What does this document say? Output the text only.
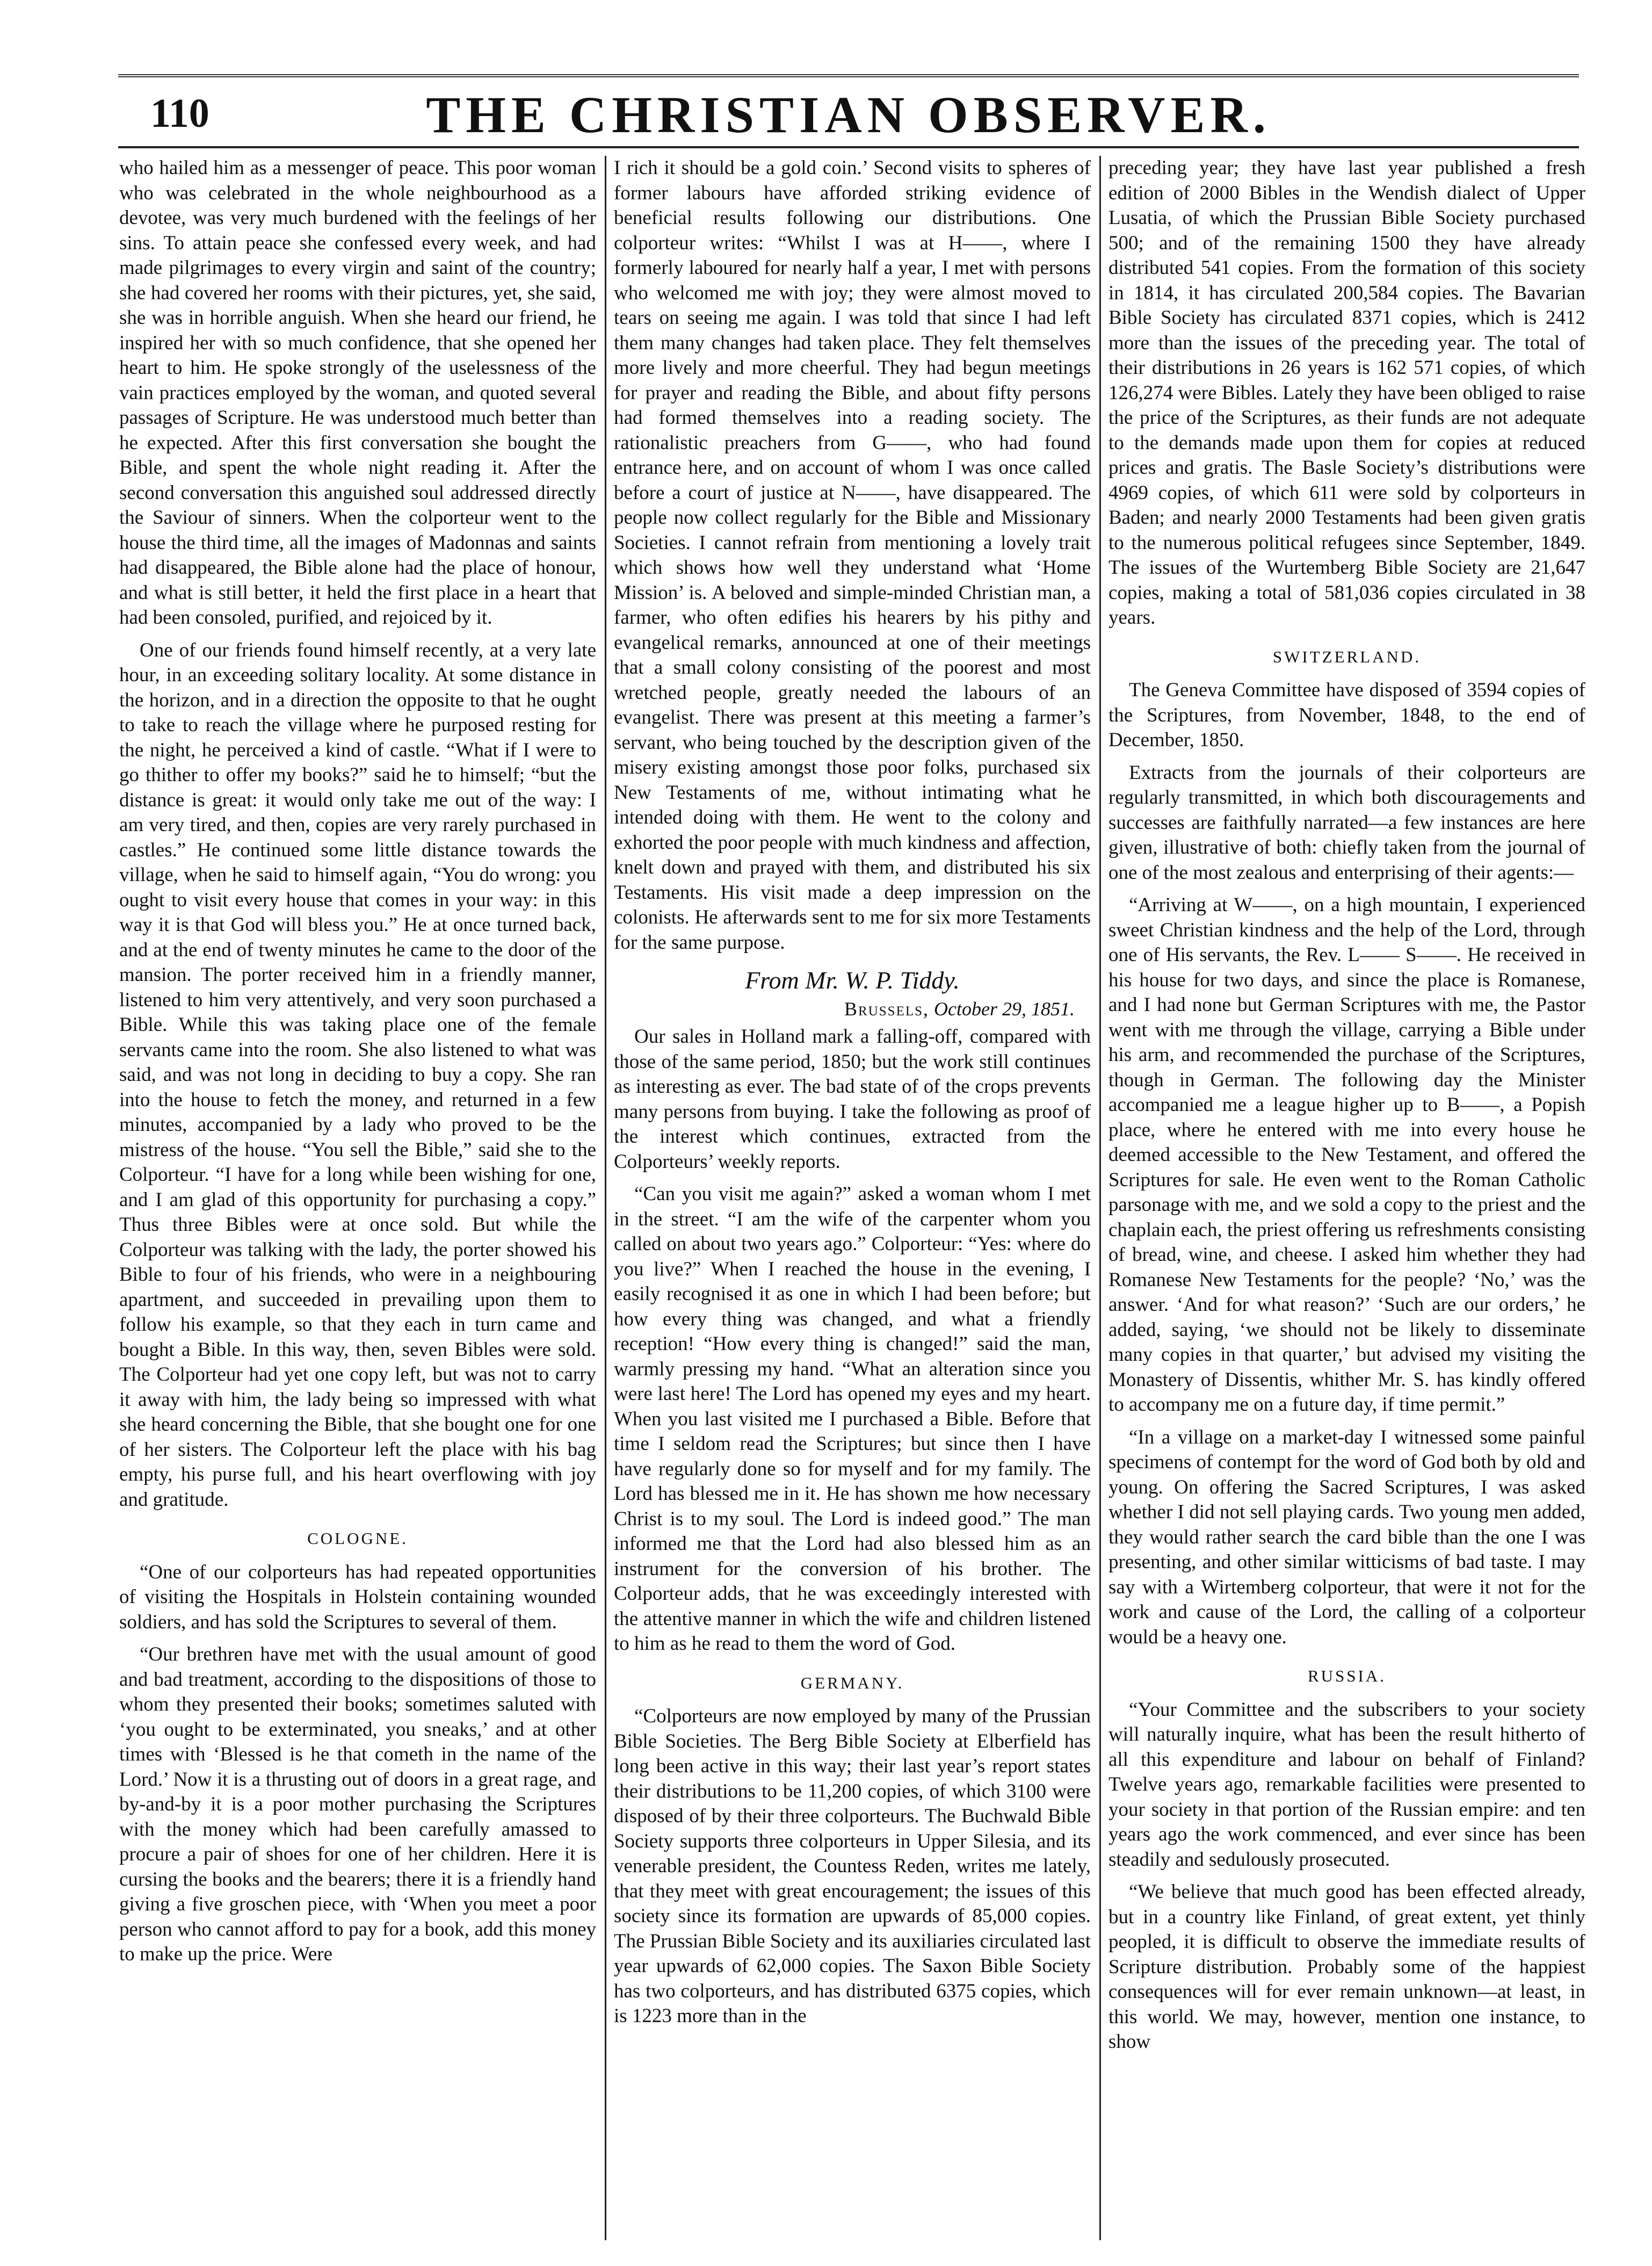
110	THE CHRISTIAN OBSERVER.

who hailed him as a messenger of peace. This poor woman who was celebrated in the whole neighbourhood as a devotee, was very much burdened with the feelings of her sins. To attain peace she confessed every week, and had made pilgrimages to every virgin and saint of the country; she had covered her rooms with their pictures, yet, she said, she was in horrible anguish. When she heard our friend, he inspired her with so much confidence, that she opened her heart to him. He spoke strongly of the uselessness of the vain practices employed by the woman, and quoted several passages of Scripture. He was understood much better than he expected. After this first conversation she bought the Bible, and spent the whole night reading it. After the second conversation this anguished soul addressed directly the Saviour of sinners. When the colporteur went to the house the third time, all the images of Madonnas and saints had disappeared, the Bible alone had the place of honour, and what is still better, it held the first place in a heart that had been consoled, purified, and rejoiced by it.

One of our friends found himself recently, at a very late hour, in an exceeding solitary locality. At some distance in the horizon, and in a direction the opposite to that he ought to take to reach the village where he purposed resting for the night, he perceived a kind of castle. “What if I were to go thither to offer my books?” said he to himself; “but the distance is great: it would only take me out of the way: I am very tired, and then, copies are very rarely purchased in castles.” He continued some little distance towards the village, when he said to himself again, “You do wrong: you ought to visit every house that comes in your way: in this way it is that God will bless you.” He at once turned back, and at the end of twenty minutes he came to the door of the mansion. The porter received him in a friendly manner, listened to him very attentively, and very soon purchased a Bible. While this was taking place one of the female servants came into the room. She also listened to what was said, and was not long in deciding to buy a copy. She ran into the house to fetch the money, and returned in a few minutes, accompanied by a lady who proved to be the mistress of the house. “You sell the Bible,” said she to the Colporteur. “I have for a long while been wishing for one, and I am glad of this opportunity for purchasing a copy.” Thus three Bibles were at once sold. But while the Colporteur was talking with the lady, the porter showed his Bible to four of his friends, who were in a neighbouring apartment, and succeeded in prevailing upon them to follow his example, so that they each in turn came and bought a Bible. In this way, then, seven Bibles were sold. The Colporteur had yet one copy left, but was not to carry it away with him, the lady being so impressed with what she heard concerning the Bible, that she bought one for one of her sisters. The Colporteur left the place with his bag empty, his purse full, and his heart overflowing with joy and gratitude.

COLOGNE.

“One of our colporteurs has had repeated opportunities of visiting the Hospitals in Holstein containing wounded soldiers, and has sold the Scriptures to several of them.

“Our brethren have met with the usual amount of good and bad treatment, according to the dispositions of those to whom they presented their books; sometimes saluted with ‘you ought to be exterminated, you sneaks,’ and at other times with ‘Blessed is he that cometh in the name of the Lord.’ Now it is a thrusting out of doors in a great rage, and by-and-by it is a poor mother purchasing the Scriptures with the money which had been carefully amassed to procure a pair of shoes for one of her children. Here it is cursing the books and the bearers; there it is a friendly hand giving a five groschen piece, with ‘When you meet a poor person who cannot afford to pay for a book, add this money to make up the price. Were

I rich it should be a gold coin.’ Second visits to spheres of former labours have afforded striking evidence of beneficial results following our distributions. One colporteur writes: “Whilst I was at H——, where I formerly laboured for nearly half a year, I met with persons who welcomed me with joy; they were almost moved to tears on seeing me again. I was told that since I had left them many changes had taken place. They felt themselves more lively and more cheerful. They had begun meetings for prayer and reading the Bible, and about fifty persons had formed themselves into a reading society. The rationalistic preachers from G——, who had found entrance here, and on account of whom I was once called before a court of justice at N——, have disappeared. The people now collect regularly for the Bible and Missionary Societies. I cannot refrain from mentioning a lovely trait which shows how well they understand what ‘Home Mission’ is. A beloved and simple-minded Christian man, a farmer, who often edifies his hearers by his pithy and evangelical remarks, announced at one of their meetings that a small colony consisting of the poorest and most wretched people, greatly needed the labours of an evangelist. There was present at this meeting a farmer’s servant, who being touched by the description given of the misery existing amongst those poor folks, purchased six New Testaments of me, without intimating what he intended doing with them. He went to the colony and exhorted the poor people with much kindness and affection, knelt down and prayed with them, and distributed his six Testaments. His visit made a deep impression on the colonists. He afterwards sent to me for six more Testaments for the same purpose.

From Mr. W. P. Tiddy.
Brussels, October 29, 1851.

Our sales in Holland mark a falling-off, compared with those of the same period, 1850; but the work still continues as interesting as ever. The bad state of of the crops prevents many persons from buying. I take the following as proof of the interest which continues, extracted from the Colporteurs’ weekly reports.

“Can you visit me again?” asked a woman whom I met in the street. “I am the wife of the carpenter whom you called on about two years ago.” Colporteur: “Yes: where do you live?” When I reached the house in the evening, I easily recognised it as one in which I had been before; but how every thing was changed, and what a friendly reception! “How every thing is changed!” said the man, warmly pressing my hand. “What an alteration since you were last here! The Lord has opened my eyes and my heart. When you last visited me I purchased a Bible. Before that time I seldom read the Scriptures; but since then I have have regularly done so for myself and for my family. The Lord has blessed me in it. He has shown me how necessary Christ is to my soul. The Lord is indeed good.” The man informed me that the Lord had also blessed him as an instrument for the conversion of his brother. The Colporteur adds, that he was exceedingly interested with the attentive manner in which the wife and children listened to him as he read to them the word of God.

GERMANY.

“Colporteurs are now employed by many of the Prussian Bible Societies. The Berg Bible Society at Elberfield has long been active in this way; their last year’s report states their distributions to be 11,200 copies, of which 3100 were disposed of by their three colporteurs. The Buchwald Bible Society supports three colporteurs in Upper Silesia, and its venerable president, the Countess Reden, writes me lately, that they meet with great encouragement; the issues of this society since its formation are upwards of 85,000 copies. The Prussian Bible Society and its auxiliaries circulated last year upwards of 62,000 copies. The Saxon Bible Society has two colporteurs, and has distributed 6375 copies, which is 1223 more than in the

preceding year; they have last year published a fresh edition of 2000 Bibles in the Wendish dialect of Upper Lusatia, of which the Prussian Bible Society purchased 500; and of the remaining 1500 they have already distributed 541 copies. From the formation of this society in 1814, it has circulated 200,584 copies. The Bavarian Bible Society has circulated 8371 copies, which is 2412 more than the issues of the preceding year. The total of their distributions in 26 years is 162 571 copies, of which 126,274 were Bibles. Lately they have been obliged to raise the price of the Scriptures, as their funds are not adequate to the demands made upon them for copies at reduced prices and gratis. The Basle Society’s distributions were 4969 copies, of which 611 were sold by colporteurs in Baden; and nearly 2000 Testaments had been given gratis to the numerous political refugees since September, 1849. The issues of the Wurtemberg Bible Society are 21,647 copies, making a total of 581,036 copies circulated in 38 years.

SWITZERLAND.

The Geneva Committee have disposed of 3594 copies of the Scriptures, from November, 1848, to the end of December, 1850.

Extracts from the journals of their colporteurs are regularly transmitted, in which both discouragements and successes are faithfully narrated—a few instances are here given, illustrative of both: chiefly taken from the journal of one of the most zealous and enterprising of their agents:—

“Arriving at W——, on a high mountain, I experienced sweet Christian kindness and the help of the Lord, through one of His servants, the Rev. L—— S——. He received in his house for two days, and since the place is Romanese, and I had none but German Scriptures with me, the Pastor went with me through the village, carrying a Bible under his arm, and recommended the purchase of the Scriptures, though in German. The following day the Minister accompanied me a league higher up to B——, a Popish place, where he entered with me into every house he deemed accessible to the New Testament, and offered the Scriptures for sale. He even went to the Roman Catholic parsonage with me, and we sold a copy to the priest and the chaplain each, the priest offering us refreshments consisting of bread, wine, and cheese. I asked him whether they had Romanese New Testaments for the people? ‘No,’ was the answer. ‘And for what reason?’ ‘Such are our orders,’ he added, saying, ‘we should not be likely to disseminate many copies in that quarter,’ but advised my visiting the Monastery of Dissentis, whither Mr. S. has kindly offered to accompany me on a future day, if time permit.”

“In a village on a market-day I witnessed some painful specimens of contempt for the word of God both by old and young. On offering the Sacred Scriptures, I was asked whether I did not sell playing cards. Two young men added, they would rather search the card bible than the one I was presenting, and other similar witticisms of bad taste. I may say with a Wirtemberg colporteur, that were it not for the work and cause of the Lord, the calling of a colporteur would be a heavy one.

RUSSIA.

“Your Committee and the subscribers to your society will naturally inquire, what has been the result hitherto of all this expenditure and labour on behalf of Finland? Twelve years ago, remarkable facilities were presented to your society in that portion of the Russian empire: and ten years ago the work commenced, and ever since has been steadily and sedulously prosecuted.

“We believe that much good has been effected already, but in a country like Finland, of great extent, yet thinly peopled, it is difficult to observe the immediate results of Scripture distribution. Probably some of the happiest consequences will for ever remain unknown—at least, in this world. We may, however, mention one instance, to show
